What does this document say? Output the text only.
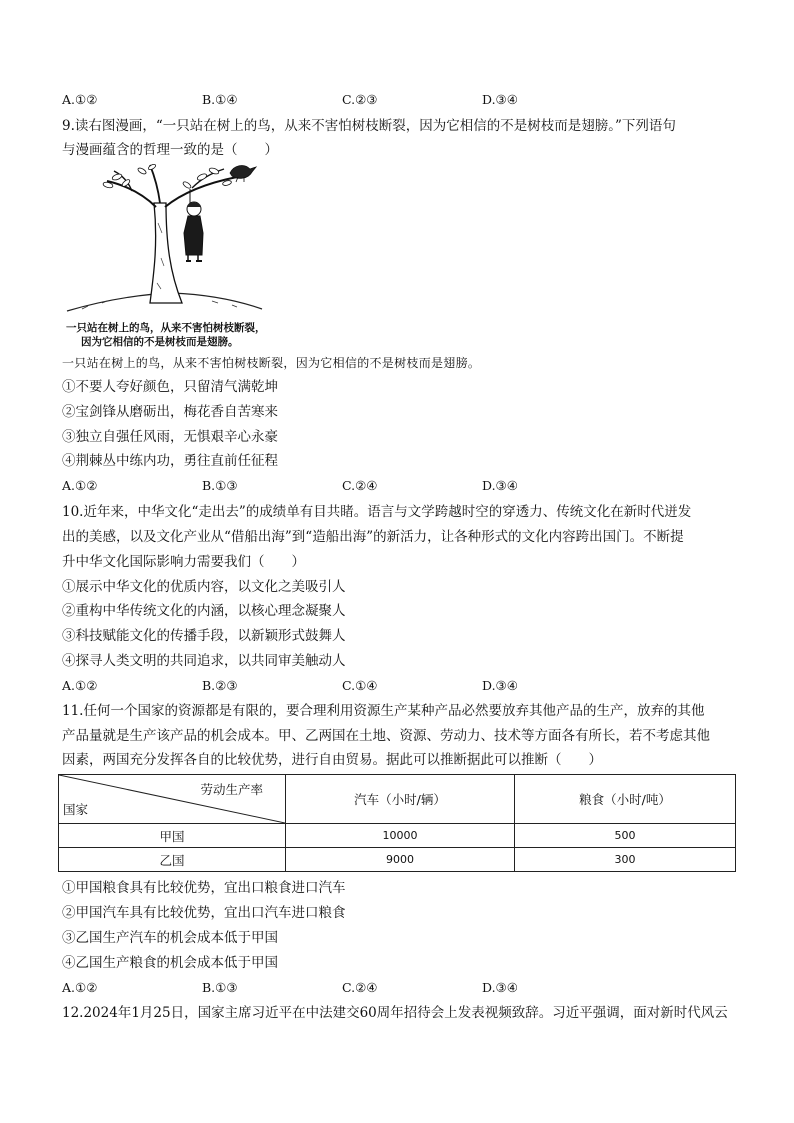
A.①②	B.①④	C.②③	D.③④
9.读右图漫画，“一只站在树上的鸟，从来不害怕树枝断裂，因为它相信的不是树枝而是翅膀。”下列语句
与漫画蕴含的哲理一致的是（　　）
一只站在树上的鸟，从来不害怕树枝断裂，
因为它相信的不是树枝而是翅膀。
一只站在树上的鸟，从来不害怕树枝断裂，因为它相信的不是树枝而是翅膀。
①不要人夸好颜色，只留清气满乾坤
②宝剑锋从磨砺出，梅花香自苦寒来
③独立自强任风雨，无惧艰辛心永豪
④荆棘丛中练内功，勇往直前任征程
A.①②	B.①③	C.②④	D.③④
10.近年来，中华文化“走出去”的成绩单有目共睹。语言与文学跨越时空的穿透力、传统文化在新时代迸发
出的美感，以及文化产业从“借船出海”到“造船出海”的新活力，让各种形式的文化内容跨出国门。不断提
升中华文化国际影响力需要我们（　　）
①展示中华文化的优质内容，以文化之美吸引人
②重构中华传统文化的内涵，以核心理念凝聚人
③科技赋能文化的传播手段，以新颖形式鼓舞人
④探寻人类文明的共同追求，以共同审美触动人
A.①②	B.②③	C.①④	D.③④
11.任何一个国家的资源都是有限的，要合理利用资源生产某种产品必然要放弃其他产品的生产，放弃的其他
产品量就是生产该产品的机会成本。甲、乙两国在土地、资源、劳动力、技术等方面各有所长，若不考虑其他
因素，两国充分发挥各自的比较优势，进行自由贸易。据此可以推断据此可以推断（　　）
劳动生产率
国家	汽车（小时/辆）	粮食（小时/吨）
甲国	10000	500
乙国	9000	300
①甲国粮食具有比较优势，宜出口粮食进口汽车
②甲国汽车具有比较优势，宜出口汽车进口粮食
③乙国生产汽车的机会成本低于甲国
④乙国生产粮食的机会成本低于甲国
A.①②	B.①③	C.②④	D.③④
12.2024年1月25日，国家主席习近平在中法建交60周年招待会上发表视频致辞。习近平强调，面对新时代风云
